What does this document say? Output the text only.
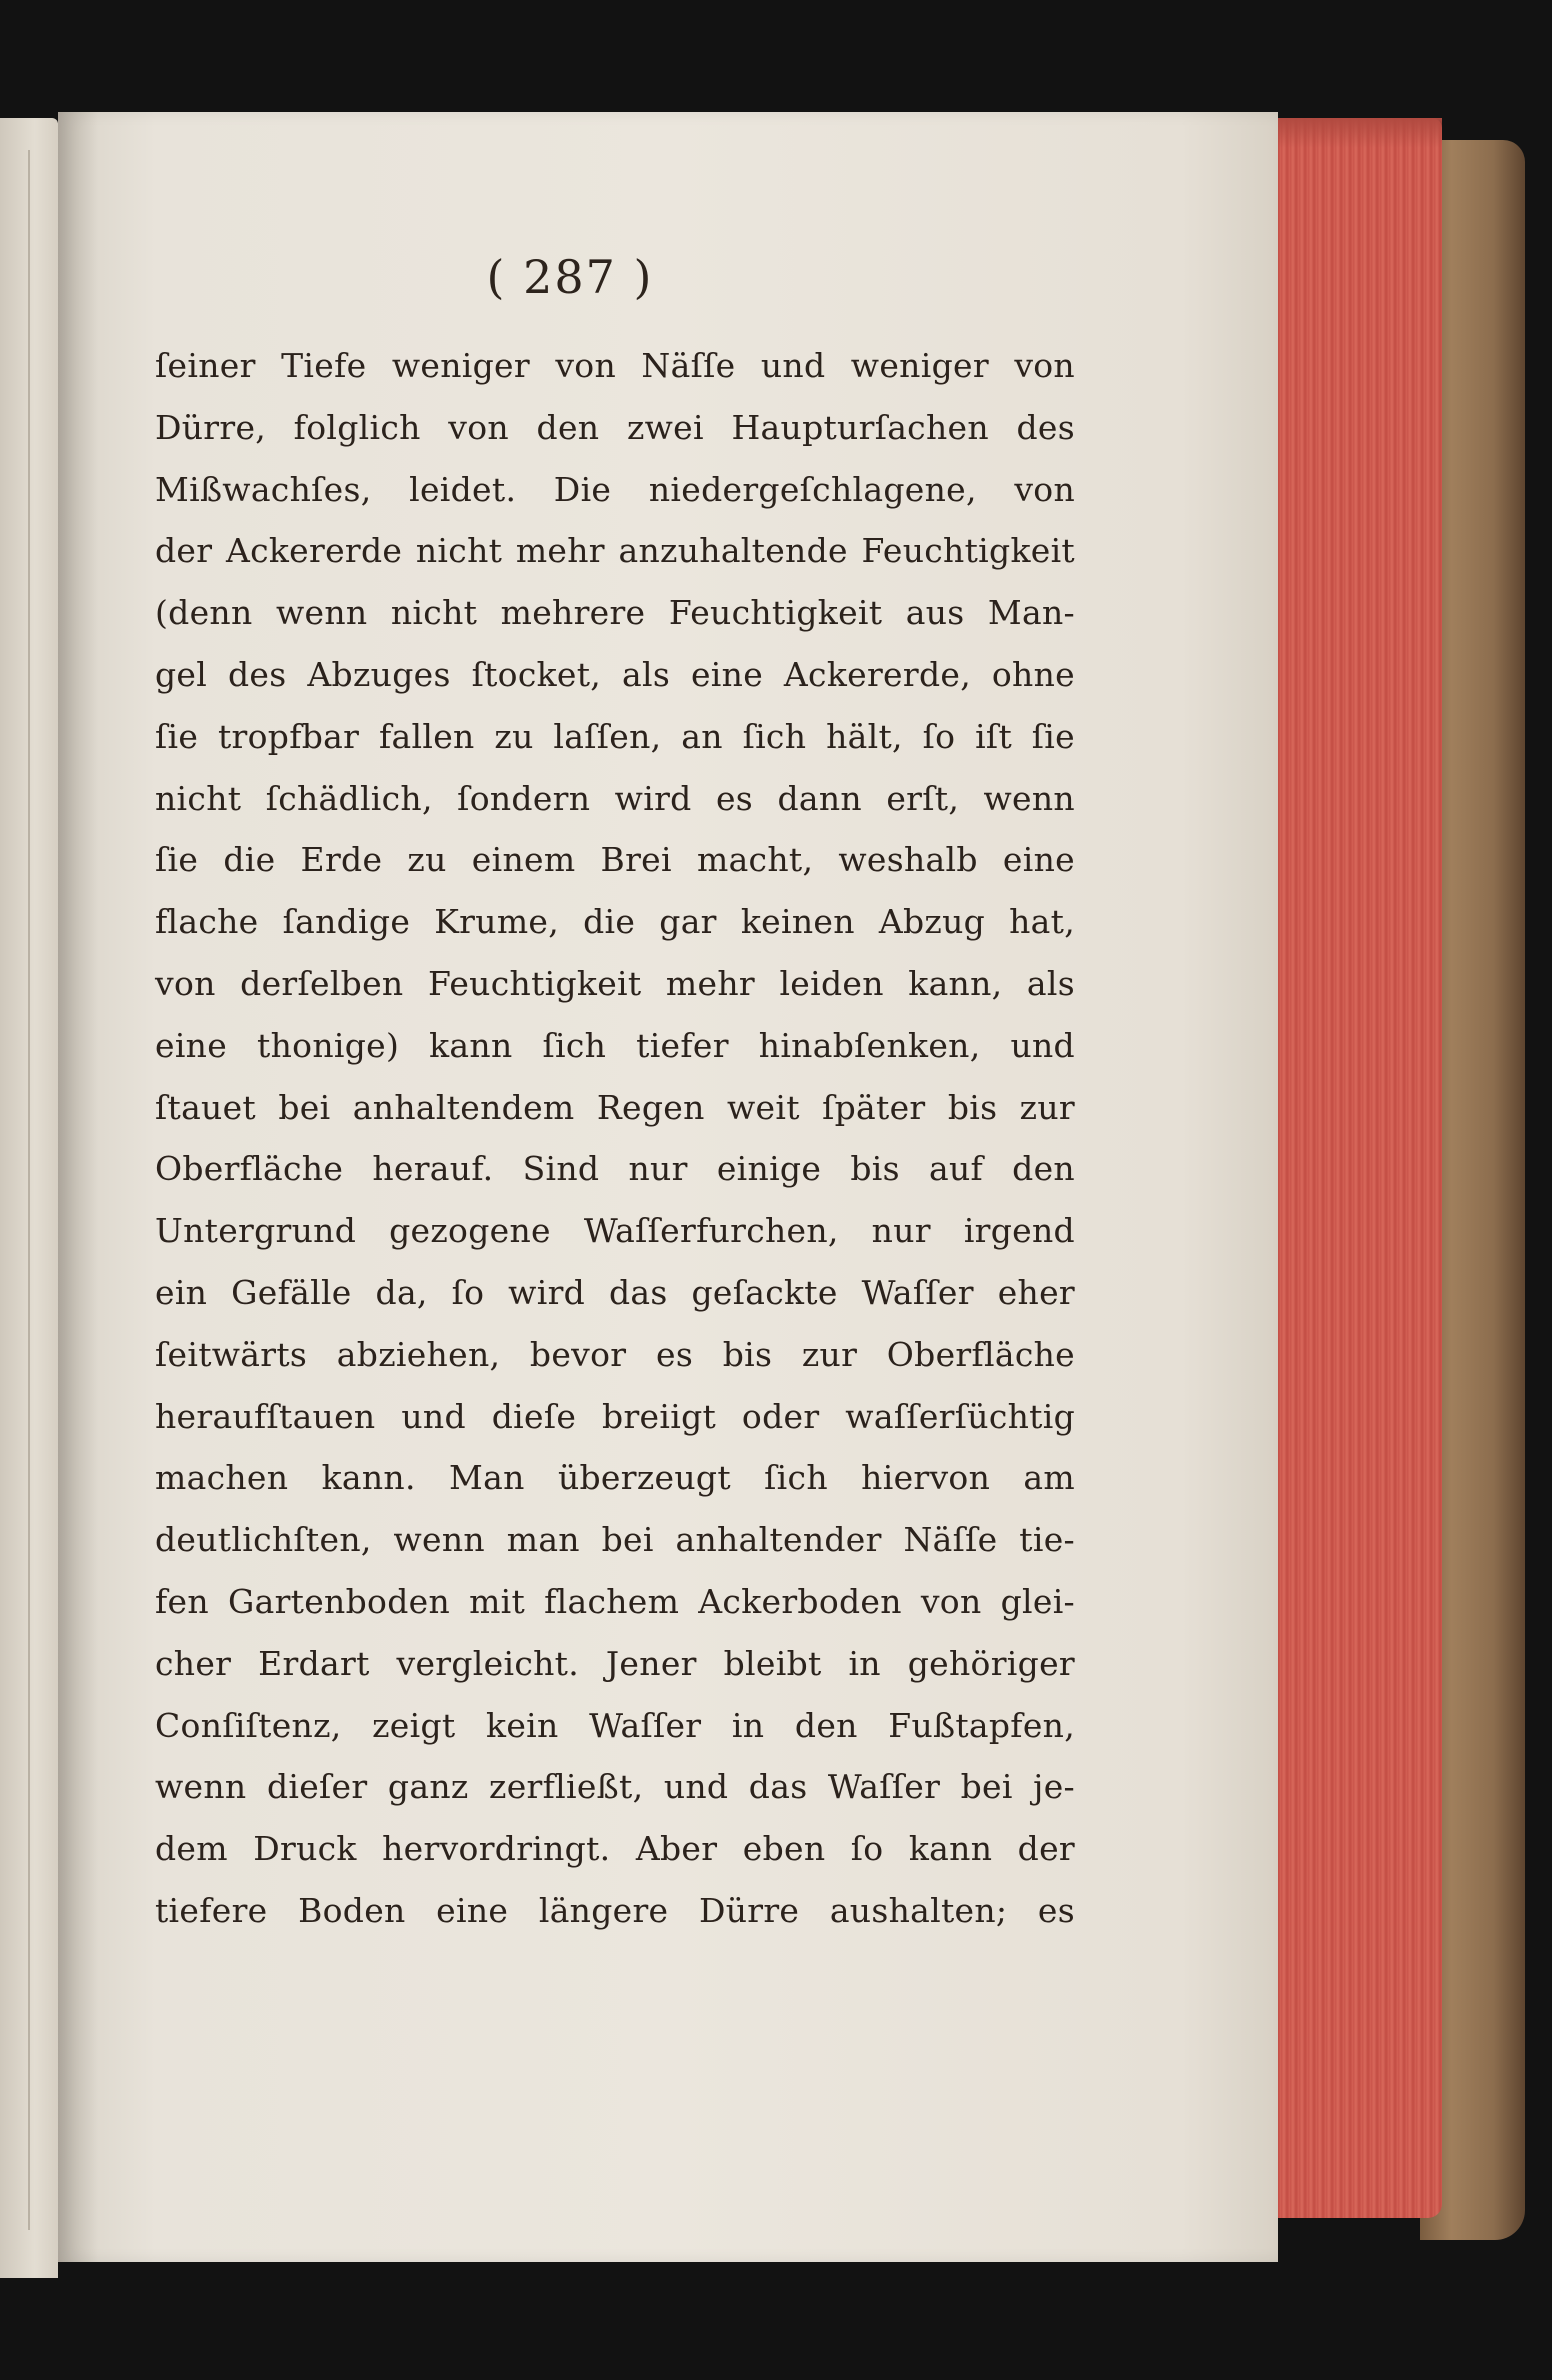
( 287 )
ſeiner Tiefe weniger von Näſſe und weniger von
Dürre, folglich von den zwei Haupturſachen des
Mißwachſes, leidet. Die niedergeſchlagene, von
der Ackererde nicht mehr anzuhaltende Feuchtigkeit
(denn wenn nicht mehrere Feuchtigkeit aus Man-
gel des Abzuges ſtocket, als eine Ackererde, ohne
ſie tropfbar fallen zu laſſen, an ſich hält, ſo iſt ſie
nicht ſchädlich, ſondern wird es dann erſt, wenn
ſie die Erde zu einem Brei macht, weshalb eine
flache ſandige Krume, die gar keinen Abzug hat,
von derſelben Feuchtigkeit mehr leiden kann, als
eine thonige) kann ſich tiefer hinabſenken, und
ſtauet bei anhaltendem Regen weit ſpäter bis zur
Oberfläche herauf. Sind nur einige bis auf den
Untergrund gezogene Waſſerfurchen, nur irgend
ein Gefälle da, ſo wird das geſackte Waſſer eher
ſeitwärts abziehen, bevor es bis zur Oberfläche
heraufſtauen und dieſe breiigt oder waſſerſüchtig
machen kann. Man überzeugt ſich hiervon am
deutlichſten, wenn man bei anhaltender Näſſe tie-
fen Gartenboden mit flachem Ackerboden von glei-
cher Erdart vergleicht. Jener bleibt in gehöriger
Conſiſtenz, zeigt kein Waſſer in den Fußtapfen,
wenn dieſer ganz zerfließt, und das Waſſer bei je-
dem Druck hervordringt. Aber eben ſo kann der
tiefere Boden eine längere Dürre aushalten; es
